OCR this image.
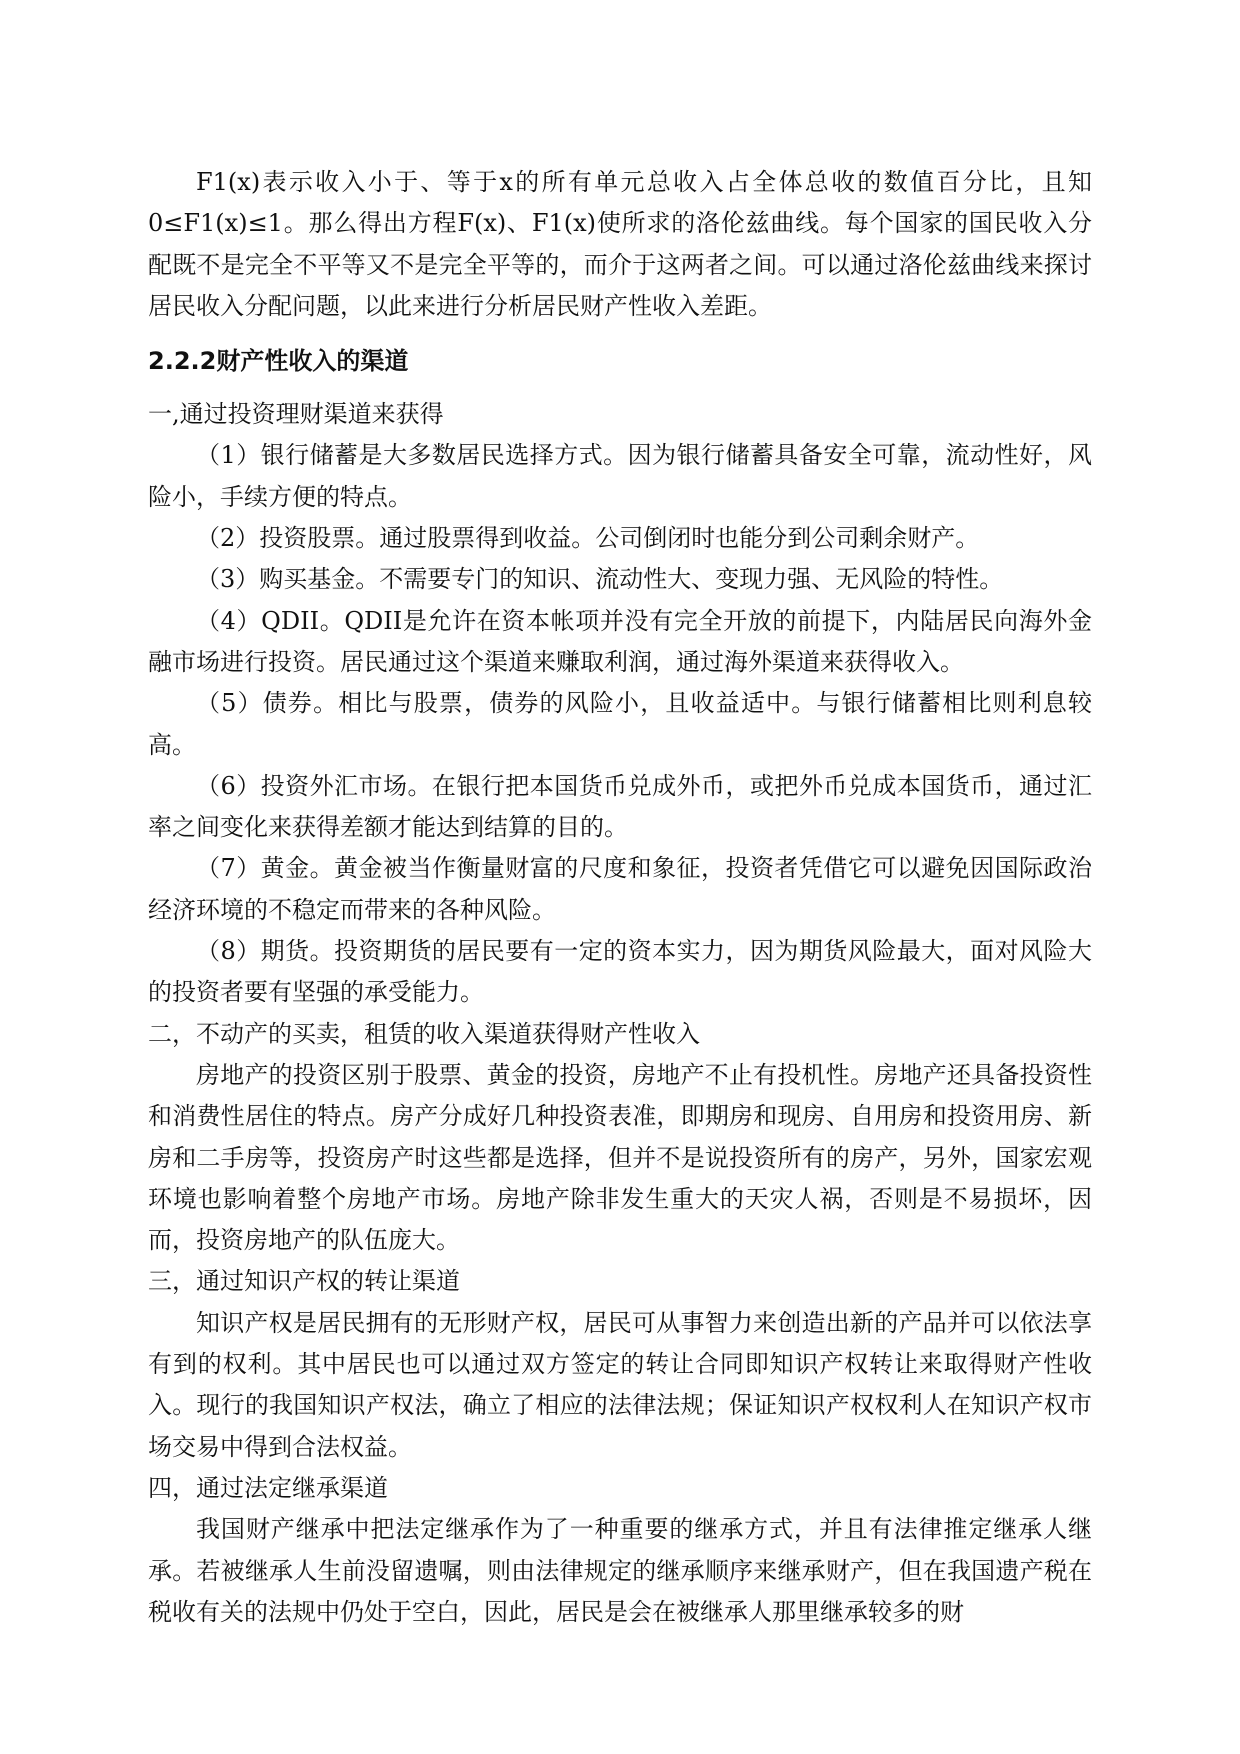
F1(x)表示收入小于、等于x的所有单元总收入占全体总收的数值百分比，且知0≤F1(x)≤1。那么得出方程F(x)、F1(x)使所求的洛伦兹曲线。每个国家的国民收入分配既不是完全不平等又不是完全平等的，而介于这两者之间。可以通过洛伦兹曲线来探讨居民收入分配问题，以此来进行分析居民财产性收入差距。

2.2.2财产性收入的渠道

一,通过投资理财渠道来获得

（1）银行储蓄是大多数居民选择方式。因为银行储蓄具备安全可靠，流动性好，风险小，手续方便的特点。

（2）投资股票。通过股票得到收益。公司倒闭时也能分到公司剩余财产。

（3）购买基金。不需要专门的知识、流动性大、变现力强、无风险的特性。

（4）QDII。QDII是允许在资本帐项并没有完全开放的前提下，内陆居民向海外金融市场进行投资。居民通过这个渠道来赚取利润，通过海外渠道来获得收入。

（5）债券。相比与股票，债券的风险小，且收益适中。与银行储蓄相比则利息较高。

（6）投资外汇市场。在银行把本国货币兑成外币，或把外币兑成本国货币，通过汇率之间变化来获得差额才能达到结算的目的。

（7）黄金。黄金被当作衡量财富的尺度和象征，投资者凭借它可以避免因国际政治经济环境的不稳定而带来的各种风险。

（8）期货。投资期货的居民要有一定的资本实力，因为期货风险最大，面对风险大的投资者要有坚强的承受能力。

二，不动产的买卖，租赁的收入渠道获得财产性收入

房地产的投资区别于股票、黄金的投资，房地产不止有投机性。房地产还具备投资性和消费性居住的特点。房产分成好几种投资表准，即期房和现房、自用房和投资用房、新房和二手房等，投资房产时这些都是选择，但并不是说投资所有的房产，另外，国家宏观环境也影响着整个房地产市场。房地产除非发生重大的天灾人祸，否则是不易损坏，因而，投资房地产的队伍庞大。

三，通过知识产权的转让渠道

知识产权是居民拥有的无形财产权，居民可从事智力来创造出新的产品并可以依法享有到的权利。其中居民也可以通过双方签定的转让合同即知识产权转让来取得财产性收入。现行的我国知识产权法，确立了相应的法律法规；保证知识产权权利人在知识产权市场交易中得到合法权益。

四，通过法定继承渠道

我国财产继承中把法定继承作为了一种重要的继承方式，并且有法律推定继承人继承。若被继承人生前没留遗嘱，则由法律规定的继承顺序来继承财产，但在我国遗产税在税收有关的法规中仍处于空白，因此，居民是会在被继承人那里继承较多的财
